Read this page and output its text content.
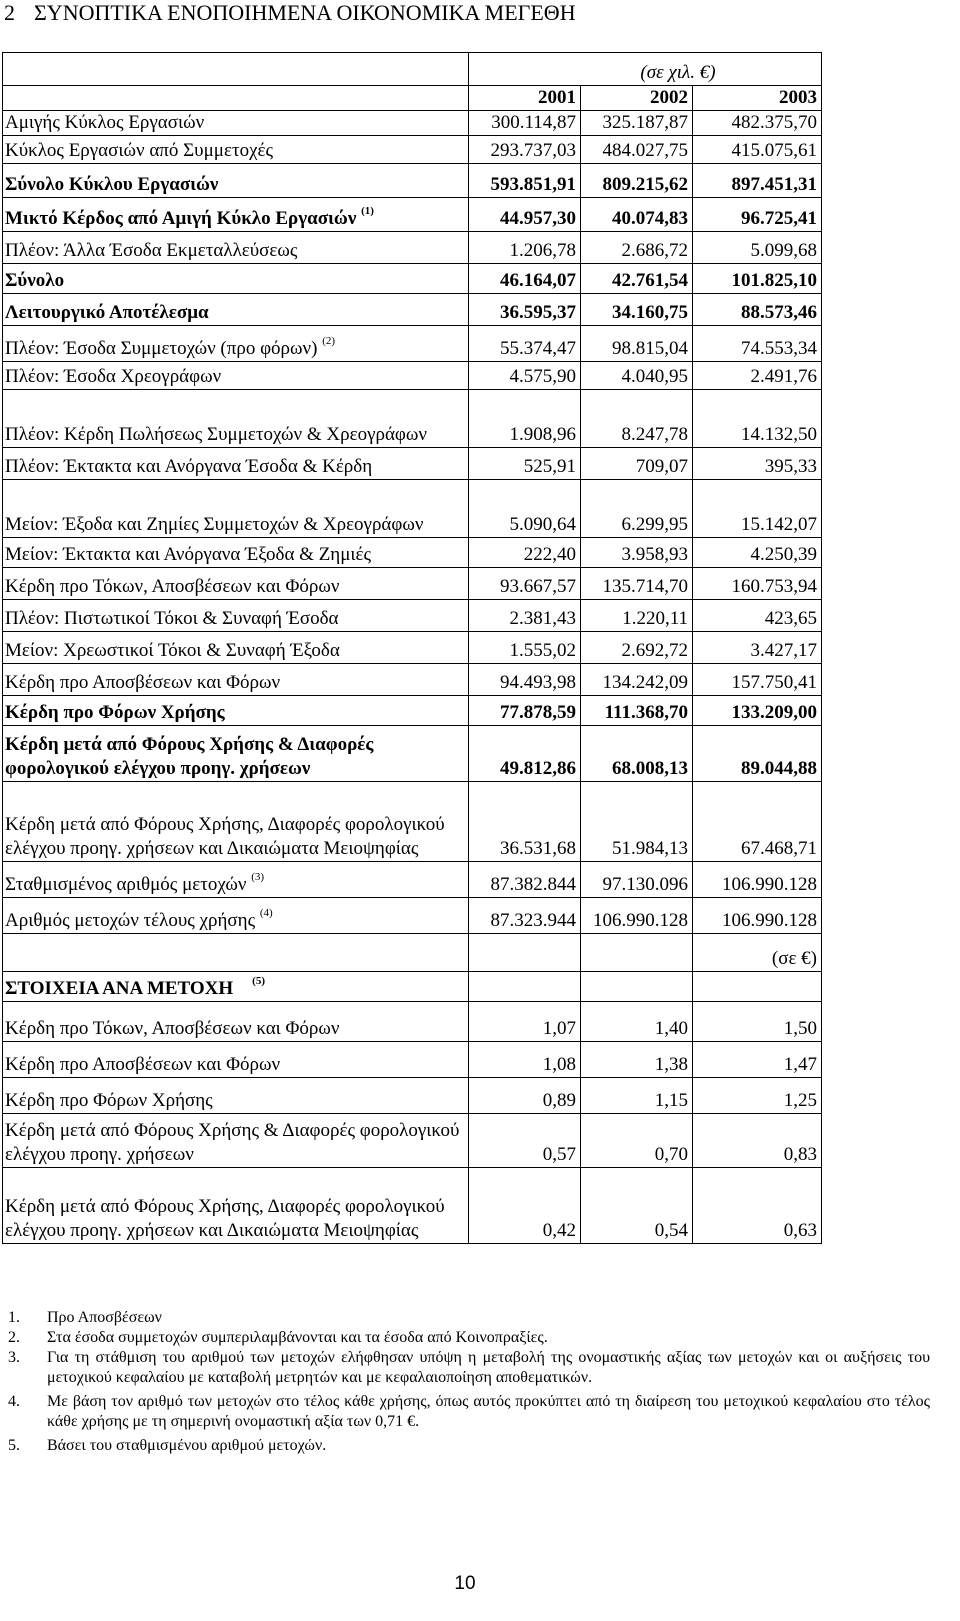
2 ΣΥΝΟΠΤΙΚΑ ΕΝΟΠΟΙΗΜΕΝΑ ΟΙΚΟΝΟΜΙΚΑ ΜΕΓΕΘΗ
	(σε χιλ. €)		
	2001	2002	2003
Αμιγής Κύκλος Εργασιών	300.114,87	325.187,87	482.375,70
Κύκλος Εργασιών από Συμμετοχές	293.737,03	484.027,75	415.075,61
Σύνολο Κύκλου Εργασιών	593.851,91	809.215,62	897.451,31
Μικτό Κέρδος από Αμιγή Κύκλο Εργασιών $^{(1)}$	44.957,30	40.074,83	96.725,41
Πλέον: Άλλα Έσοδα Εκμεταλλεύσεως	1.206,78	2.686,72	5.099,68
Σύνολο	46.164,07	42.761,54	101.825,10
Λειτουργικό Αποτέλεσμα	36.595,37	34.160,75	88.573,46
Πλέον: Έσοδα Συμμετοχών (προ φόρων) $^{(2)}$	55.374,47	98.815,04	74.553,34
Πλέον: Έσοδα Χρεογράφων	4.575,90	4.040,95	2.491,76
Πλέον: Κέρδη Πωλήσεως Συμμετοχών & Χρεογράφων	1.908,96	8.247,78	14.132,50
Πλέον: Έκτακτα και Ανόργανα Έσοδα & Κέρδη	525,91	709,07	395,33
Μείον: Έξοδα και Ζημίες Συμμετοχών & Χρεογράφων	5.090,64	6.299,95	15.142,07
Μείον: Έκτακτα και Ανόργανα Έξοδα & Ζημιές	222,40	3.958,93	4.250,39
Κέρδη προ Τόκων, Αποσβέσεων και Φόρων	93.667,57	135.714,70	160.753,94
Πλέον: Πιστωτικοί Τόκοι & Συναφή Έσοδα	2.381,43	1.220,11	423,65
Μείον: Χρεωστικοί Τόκοι & Συναφή Έξοδα	1.555,02	2.692,72	3.427,17
Κέρδη προ Αποσβέσεων και Φόρων	94.493,98	134.242,09	157.750,41
Κέρδη προ Φόρων Χρήσης	77.878,59	111.368,70	133.209,00
Κέρδη μετά από Φόρους Χρήσης & Διαφορές φορολογικού ελέγχου προηγ. χρήσεων	49.812,86	68.008,13	89.044,88
Κέρδη μετά από Φόρους Χρήσης, Διαφορές φορολογικού ελέγχου προηγ. χρήσεων και Δικαιώματα Μειοψηφίας	36.531,68	51.984,13	67.468,71
Σταθμισμένος αριθμός μετοχών $^{(3)}$	87.382.844	97.130.096	106.990.128
Αριθμός μετοχών τέλους χρήσης $^{(4)}$	87.323.944	106.990.128	106.990.128
			(σε €)
ΣΤΟΙΧΕΙΑ ΑΝΑ ΜΕΤΟΧΗ $^{(5)}$			
Κέρδη προ Τόκων, Αποσβέσεων και Φόρων	1,07	1,40	1,50
Κέρδη προ Αποσβέσεων και Φόρων	1,08	1,38	1,47
Κέρδη προ Φόρων Χρήσης	0,89	1,15	1,25
Κέρδη μετά από Φόρους Χρήσης & Διαφορές φορολογικού ελέγχου προηγ. χρήσεων	0,57	0,70	0,83
Κέρδη μετά από Φόρους Χρήσης, Διαφορές φορολογικού ελέγχου προηγ. χρήσεων και Δικαιώματα Μειοψηφίας	0,42	0,54	0,63
1.	Προ Αποσβέσεων
2.	Στα έσοδα συμμετοχών συμπεριλαμβάνονται και τα έσοδα από Κοινοπραξίες.
3.	Για τη στάθμιση του αριθμού των μετοχών ελήφθησαν υπόψη η μεταβολή της ονομαστικής αξίας των μετοχών και οι αυξήσεις του μετοχικού κεφαλαίου με καταβολή μετρητών και με κεφαλαιοποίηση αποθεματικών.
4.	Με βάση τον αριθμό των μετοχών στο τέλος κάθε χρήσης, όπως αυτός προκύπτει από τη διαίρεση του μετοχικού κεφαλαίου στο τέλος κάθε χρήσης με τη σημερινή ονομαστική αξία των 0,71 €.
5.	Βάσει του σταθμισμένου αριθμού μετοχών.
10
